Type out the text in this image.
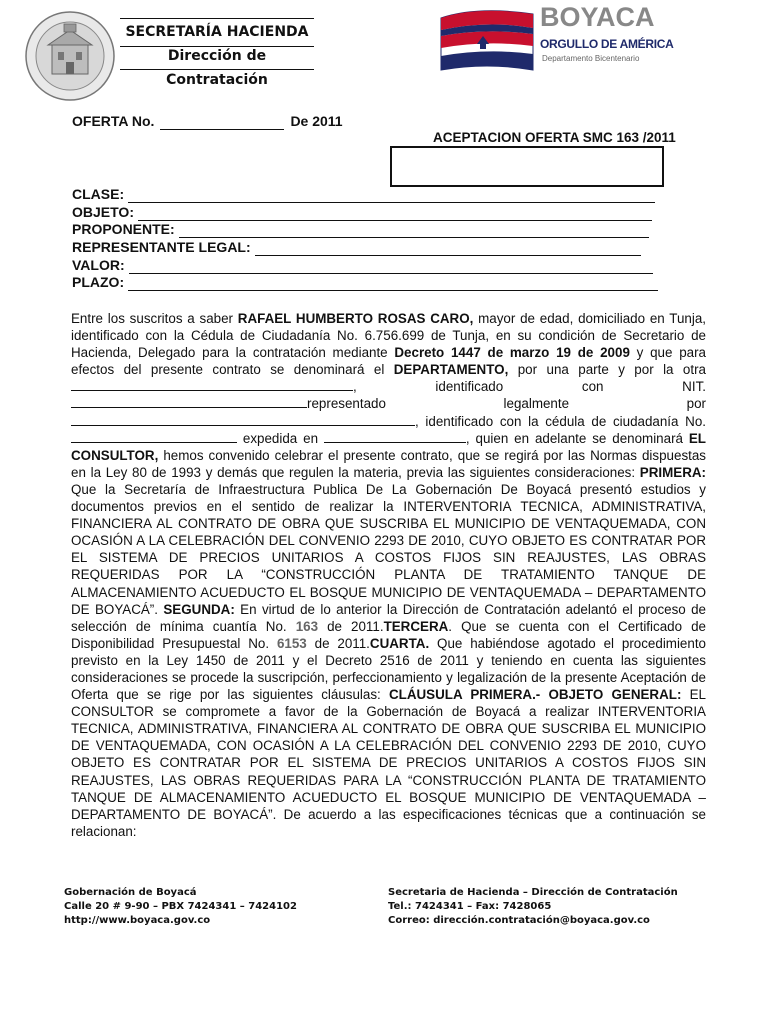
SECRETARÍA HACIENDA
Dirección de
Contratación
BOYACA
ORGULLO DE AMÉRICA
Departamento Bicentenario
OFERTA No.	De 2011
ACEPTACION OFERTA SMC 163 /2011
CLASE:
OBJETO:
PROPONENTE:
REPRESENTANTE LEGAL:
VALOR:
PLAZO:

Entre los suscritos a saber RAFAEL HUMBERTO ROSAS CARO, mayor de edad, domiciliado en Tunja, identificado con la Cédula de Ciudadanía No. 6.756.699 de Tunja, en su condición de Secretario de Hacienda, Delegado para la contratación mediante Decreto 1447 de marzo 19 de 2009 y que para efectos del presente contrato se denominará el DEPARTAMENTO, por una parte y por la otra , identificado con NIT. representado legalmente por , identificado con la cédula de ciudadanía No.  expedida en	, quien en adelante se denominará EL CONSULTOR, hemos convenido celebrar el presente contrato, que se regirá por las Normas dispuestas en la Ley 80 de 1993 y demás que regulen la materia, previa las siguientes consideraciones: PRIMERA: Que la Secretaría de Infraestructura Publica De La Gobernación De Boyacá presentó estudios y documentos previos en el sentido de realizar la INTERVENTORIA TECNICA, ADMINISTRATIVA, FINANCIERA AL CONTRATO DE OBRA QUE SUSCRIBA EL MUNICIPIO DE VENTAQUEMADA, CON OCASIÓN A LA CELEBRACIÓN DEL CONVENIO 2293 DE 2010, CUYO OBJETO ES CONTRATAR POR EL SISTEMA DE PRECIOS UNITARIOS A COSTOS FIJOS SIN REAJUSTES, LAS OBRAS REQUERIDAS POR LA “CONSTRUCCIÓN PLANTA DE TRATAMIENTO TANQUE DE ALMACENAMIENTO ACUEDUCTO EL BOSQUE MUNICIPIO DE VENTAQUEMADA – DEPARTAMENTO DE BOYACÁ”. SEGUNDA: En virtud de lo anterior la Dirección de Contratación adelantó el proceso de selección de mínima cuantía No. 163 de 2011.TERCERA. Que se cuenta con el Certificado de Disponibilidad Presupuestal No. 6153 de 2011.CUARTA. Que habiéndose agotado el procedimiento previsto en la Ley 1450 de 2011 y el Decreto 2516 de 2011 y teniendo en cuenta las siguientes consideraciones se procede la suscripción, perfeccionamiento y legalización de la presente Aceptación de Oferta que se rige por las siguientes cláusulas: CLÁUSULA PRIMERA.- OBJETO GENERAL: EL CONSULTOR se compromete a favor de la Gobernación de Boyacá a realizar INTERVENTORIA TECNICA, ADMINISTRATIVA, FINANCIERA AL CONTRATO DE OBRA QUE SUSCRIBA EL MUNICIPIO DE VENTAQUEMADA, CON OCASIÓN A LA CELEBRACIÓN DEL CONVENIO 2293 DE 2010, CUYO OBJETO ES CONTRATAR POR EL SISTEMA DE PRECIOS UNITARIOS A COSTOS FIJOS SIN REAJUSTES, LAS OBRAS REQUERIDAS PARA LA “CONSTRUCCIÓN PLANTA DE TRATAMIENTO TANQUE DE ALMACENAMIENTO ACUEDUCTO EL BOSQUE MUNICIPIO DE VENTAQUEMADA – DEPARTAMENTO DE BOYACÁ”. De acuerdo a las especificaciones técnicas que a continuación se relacionan:

Gobernación de Boyacá
Calle 20 # 9-90 – PBX 7424341 – 7424102
http://www.boyaca.gov.co
Secretaria de Hacienda – Dirección de Contratación
Tel.: 7424341 – Fax: 7428065
Correo: dirección.contratación@boyaca.gov.co
